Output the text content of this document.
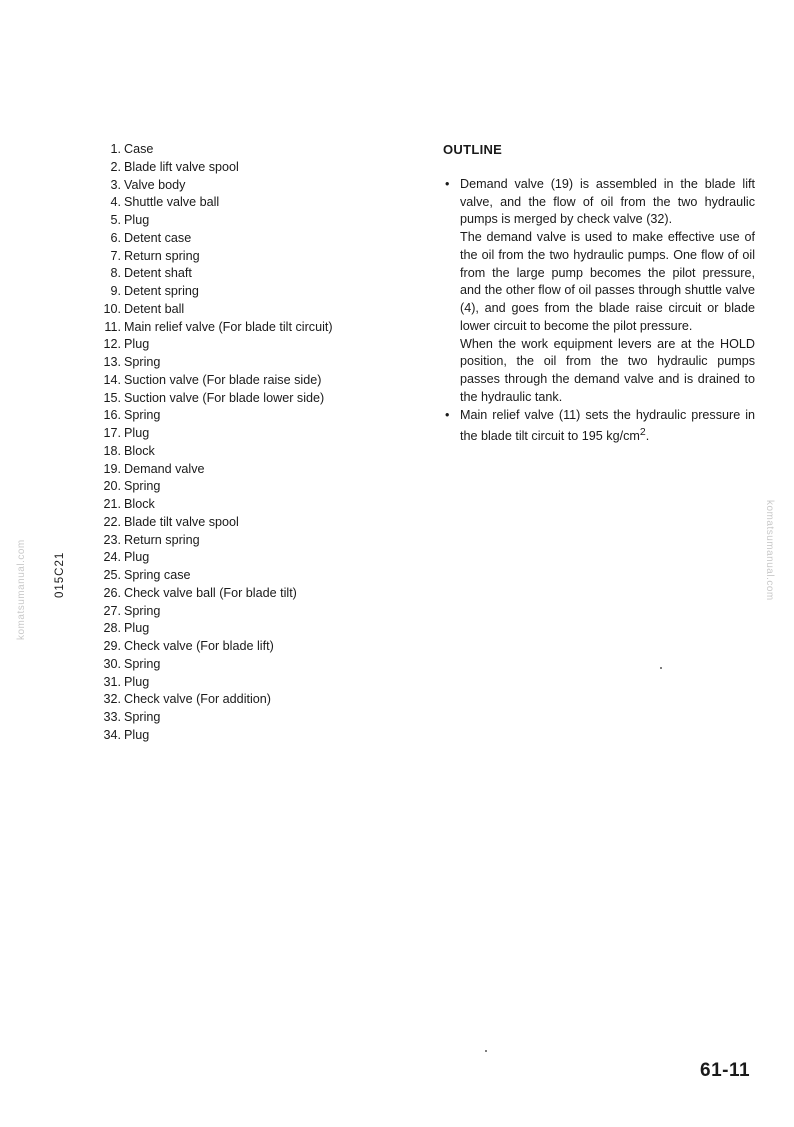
1. Case
2. Blade lift valve spool
3. Valve body
4. Shuttle valve ball
5. Plug
6. Detent case
7. Return spring
8. Detent shaft
9. Detent spring
10. Detent ball
11. Main relief valve (For blade tilt circuit)
12. Plug
13. Spring
14. Suction valve (For blade raise side)
15. Suction valve (For blade lower side)
16. Spring
17. Plug
18. Block
19. Demand valve
20. Spring
21. Block
22. Blade tilt valve spool
23. Return spring
24. Plug
25. Spring case
26. Check valve ball (For blade tilt)
27. Spring
28. Plug
29. Check valve (For blade lift)
30. Spring
31. Plug
32. Check valve (For addition)
33. Spring
34. Plug
OUTLINE
• Demand valve (19) is assembled in the blade lift valve, and the flow of oil from the two hydraulic pumps is merged by check valve (32).

The demand valve is used to make effective use of the oil from the two hydraulic pumps. One flow of oil from the large pump becomes the pilot pressure, and the other flow of oil passes through shuttle valve (4), and goes from the blade raise circuit or blade lower circuit to become the pilot pressure.

When the work equipment levers are at the HOLD position, the oil from the two hydraulic pumps passes through the demand valve and is drained to the hydraulic tank.

• Main relief valve (11) sets the hydraulic pressure in the blade tilt circuit to 195 $kg/cm^2$.

015C21
komatsumanual.com	komatsumanual.com
61-11
